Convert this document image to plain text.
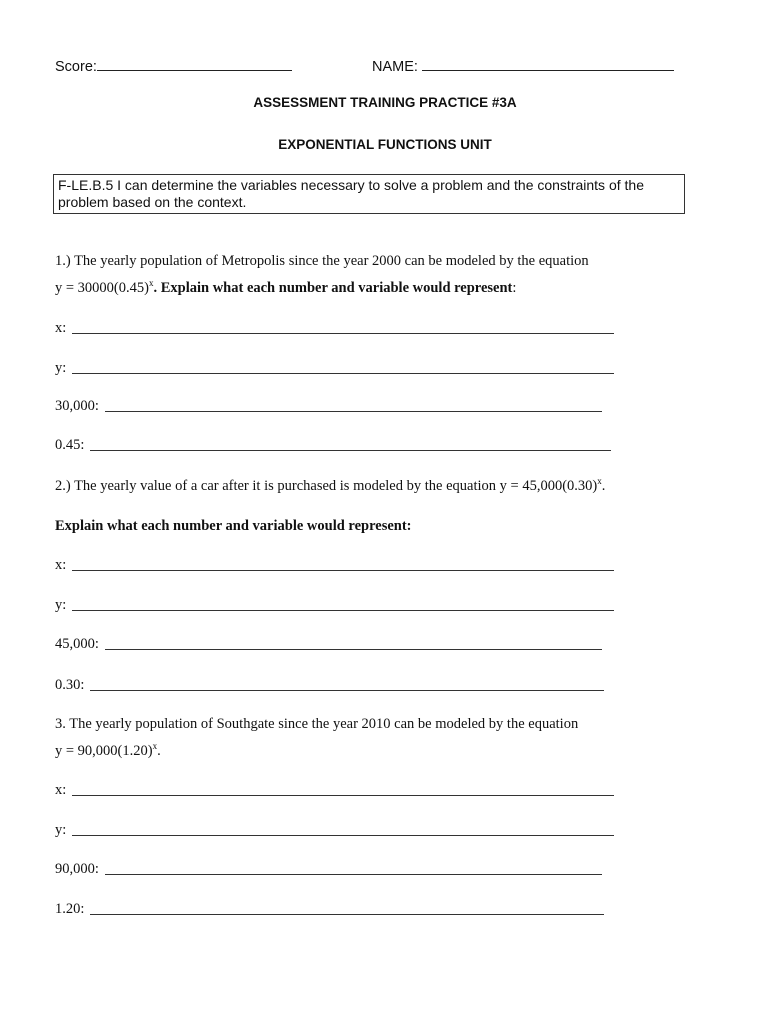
Score:	NAME:
ASSESSMENT TRAINING PRACTICE #3A
EXPONENTIAL FUNCTIONS UNIT
F-LE.B.5 I can determine the variables necessary to solve a problem and the constraints of the problem based on the context.
1.) The yearly population of Metropolis since the year 2000 can be modeled by the equation
$y = 30000(0.45)^x$. Explain what each number and variable would represent:
x:
y:
30,000:
0.45:
2.) The yearly value of a car after it is purchased is modeled by the equation $y = 45,000(0.30)^x$.
Explain what each number and variable would represent:
x:
y:
45,000:
0.30:
3. The yearly population of Southgate since the year 2010 can be modeled by the equation
$y = 90,000(1.20)^x$.
x:
y:
90,000:
1.20:
